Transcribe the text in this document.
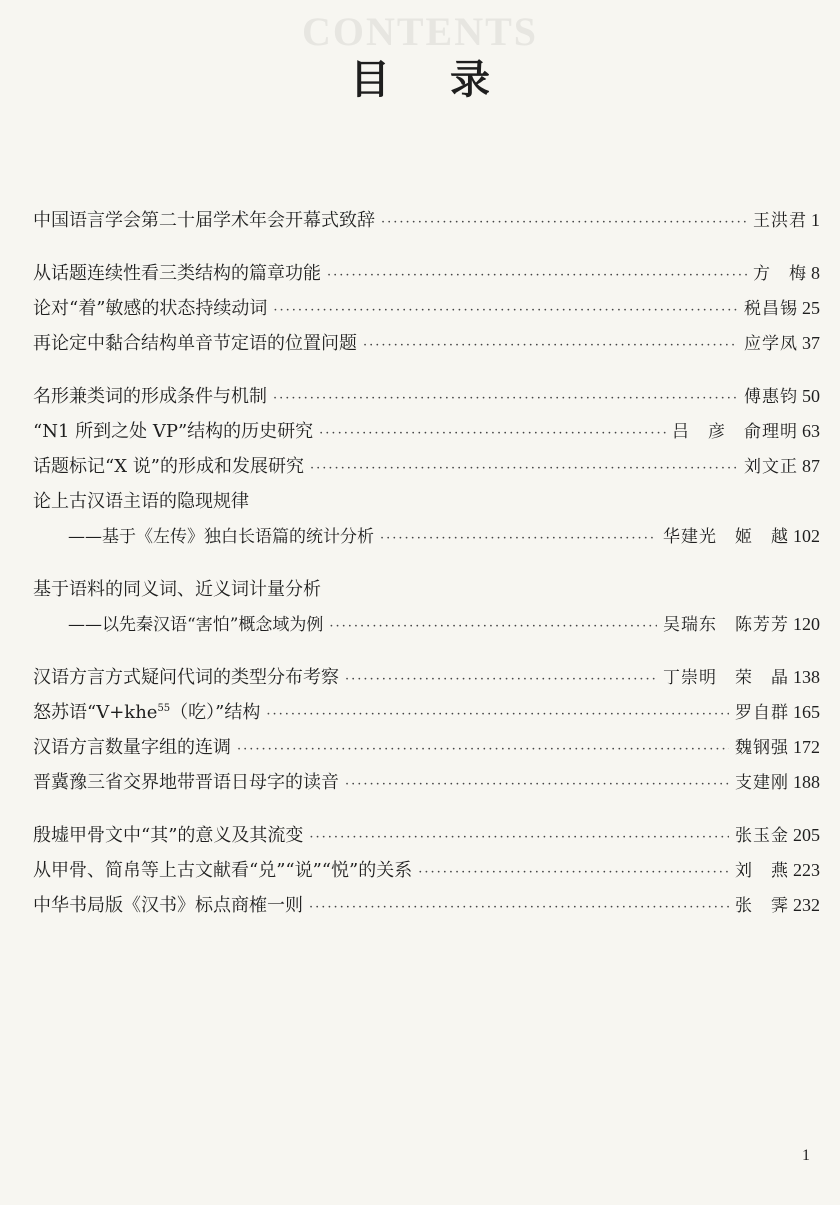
CONTENTS
目录
中国语言学会第二十届学术年会开幕式致辞 ·····	王洪君 1
从话题连续性看三类结构的篇章功能 ·····	方　梅 8
论对“着”敏感的状态持续动词 ·····	税昌锡 25
再论定中黏合结构单音节定语的位置问题 ·····	应学凤 37
名形兼类词的形成条件与机制 ·····	傅惠钧 50
“N1 所到之处 VP”结构的历史研究 ·····	吕　彦　俞理明 63
话题标记“X 说”的形成和发展研究 ·····	刘文正 87
论上古汉语主语的隐现规律
——基于《左传》独白长语篇的统计分析 ·····	华建光　姬　越 102
基于语料的同义词、近义词计量分析
——以先秦汉语“害怕”概念域为例 ·····	吴瑞东　陈芳芳 120
汉语方言方式疑问代词的类型分布考察 ·····	丁崇明　荣　晶 138
怒苏语“V+khe$^{55}$（吃）”结构 ·····	罗自群 165
汉语方言数量字组的连调 ·····	魏钢强 172
晋冀豫三省交界地带晋语日母字的读音 ·····	支建刚 188
殷墟甲骨文中“其”的意义及其流变 ·····	张玉金 205
从甲骨、简帛等上古文献看“兑”“说”“悦”的关系 ·····	刘　燕 223
中华书局版《汉书》标点商榷一则 ·····	张　霁 232
1
